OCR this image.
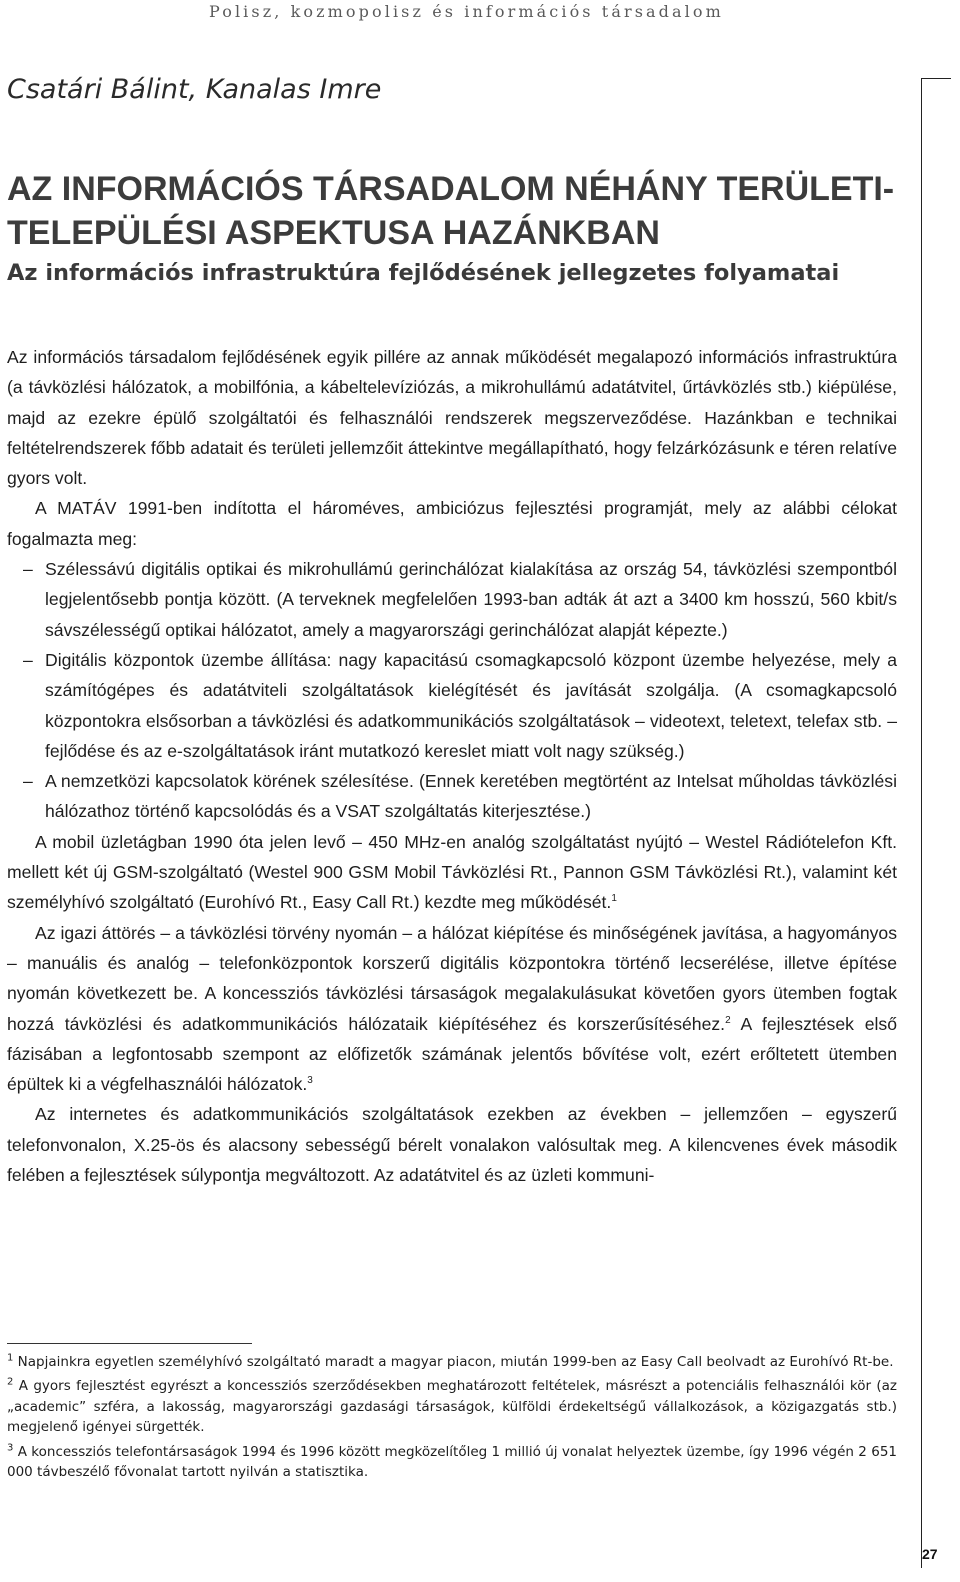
Polisz, kozmopolisz és információs társadalom
Csatári Bálint, Kanalas Imre
AZ INFORMÁCIÓS TÁRSADALOM NÉHÁNY TERÜLETI-TELEPÜLÉSI ASPEKTUSA HAZÁNKBAN
Az információs infrastruktúra fejlődésének jellegzetes folyamatai

Az információs társadalom fejlődésének egyik pillére az annak működését megalapozó információs infrastruktúra (a távközlési hálózatok, a mobilfónia, a kábeltelevíziózás, a mikrohullámú adatátvitel, űrtávközlés stb.) kiépülése, majd az ezekre épülő szolgáltatói és felhasználói rendszerek megszerveződése. Hazánkban e technikai feltételrendszerek főbb adatait és területi jellemzőit áttekintve megállapítható, hogy felzárkózásunk e téren relatíve gyors volt.

A MATÁV 1991-ben indította el hároméves, ambiciózus fejlesztési programját, mely az alábbi célokat fogalmazta meg:

– Szélessávú digitális optikai és mikrohullámú gerinchálózat kialakítása az ország 54, távközlési szempontból legjelentősebb pontja között. (A terveknek megfelelően 1993-ban adták át azt a 3400 km hosszú, 560 kbit/s sávszélességű optikai hálózatot, amely a magyarországi gerinchálózat alapját képezte.)
– Digitális központok üzembe állítása: nagy kapacitású csomagkapcsoló központ üzembe helyezése, mely a számítógépes és adatátviteli szolgáltatások kielégítését és javítását szolgálja. (A csomagkapcsoló központokra elsősorban a távközlési és adatkommunikációs szolgáltatások – videotext, teletext, telefax stb. – fejlődése és az e-szolgáltatások iránt mutatkozó kereslet miatt volt nagy szükség.)
– A nemzetközi kapcsolatok körének szélesítése. (Ennek keretében megtörtént az Intelsat műholdas távközlési hálózathoz történő kapcsolódás és a VSAT szolgáltatás kiterjesztése.)

A mobil üzletágban 1990 óta jelen levő – 450 MHz-en analóg szolgáltatást nyújtó – Westel Rádiótelefon Kft. mellett két új GSM-szolgáltató (Westel 900 GSM Mobil Távközlési Rt., Pannon GSM Távközlési Rt.), valamint két személyhívó szolgáltató (Eurohívó Rt., Easy Call Rt.) kezdte meg működését.$^1$

Az igazi áttörés – a távközlési törvény nyomán – a hálózat kiépítése és minőségének javítása, a hagyományos – manuális és analóg – telefonközpontok korszerű digitális központokra történő lecserélése, illetve építése nyomán következett be. A koncessziós távközlési társaságok megalakulásukat követően gyors ütemben fogtak hozzá távközlési és adatkommunikációs hálózataik kiépítéséhez és korszerűsítéséhez.$^2$ A fejlesztések első fázisában a legfontosabb szempont az előfizetők számának jelentős bővítése volt, ezért erőltetett ütemben épültek ki a végfelhasználói hálózatok.$^3$

Az internetes és adatkommunikációs szolgáltatások ezekben az években – jellemzően – egyszerű telefonvonalon, X.25-ös és alacsony sebességű bérelt vonalakon valósultak meg. A kilencvenes évek második felében a fejlesztések súlypontja megváltozott. Az adatátvitel és az üzleti kommuni-

$^1$ Napjainkra egyetlen személyhívó szolgáltató maradt a magyar piacon, miután 1999-ben az Easy Call beolvadt az Eurohívó Rt-be.

$^2$ A gyors fejlesztést egyrészt a koncessziós szerződésekben meghatározott feltételek, másrészt a potenciális felhasználói kör (az „academic” szféra, a lakosság, magyarországi gazdasági társaságok, külföldi érdekeltségű vállalkozások, a közigazgatás stb.) megjelenő igényei sürgették.

$^3$ A koncessziós telefontársaságok 1994 és 1996 között megközelítőleg 1 millió új vonalat helyeztek üzembe, így 1996 végén 2 651 000 távbeszélő fővonalat tartott nyilván a statisztika.

27
